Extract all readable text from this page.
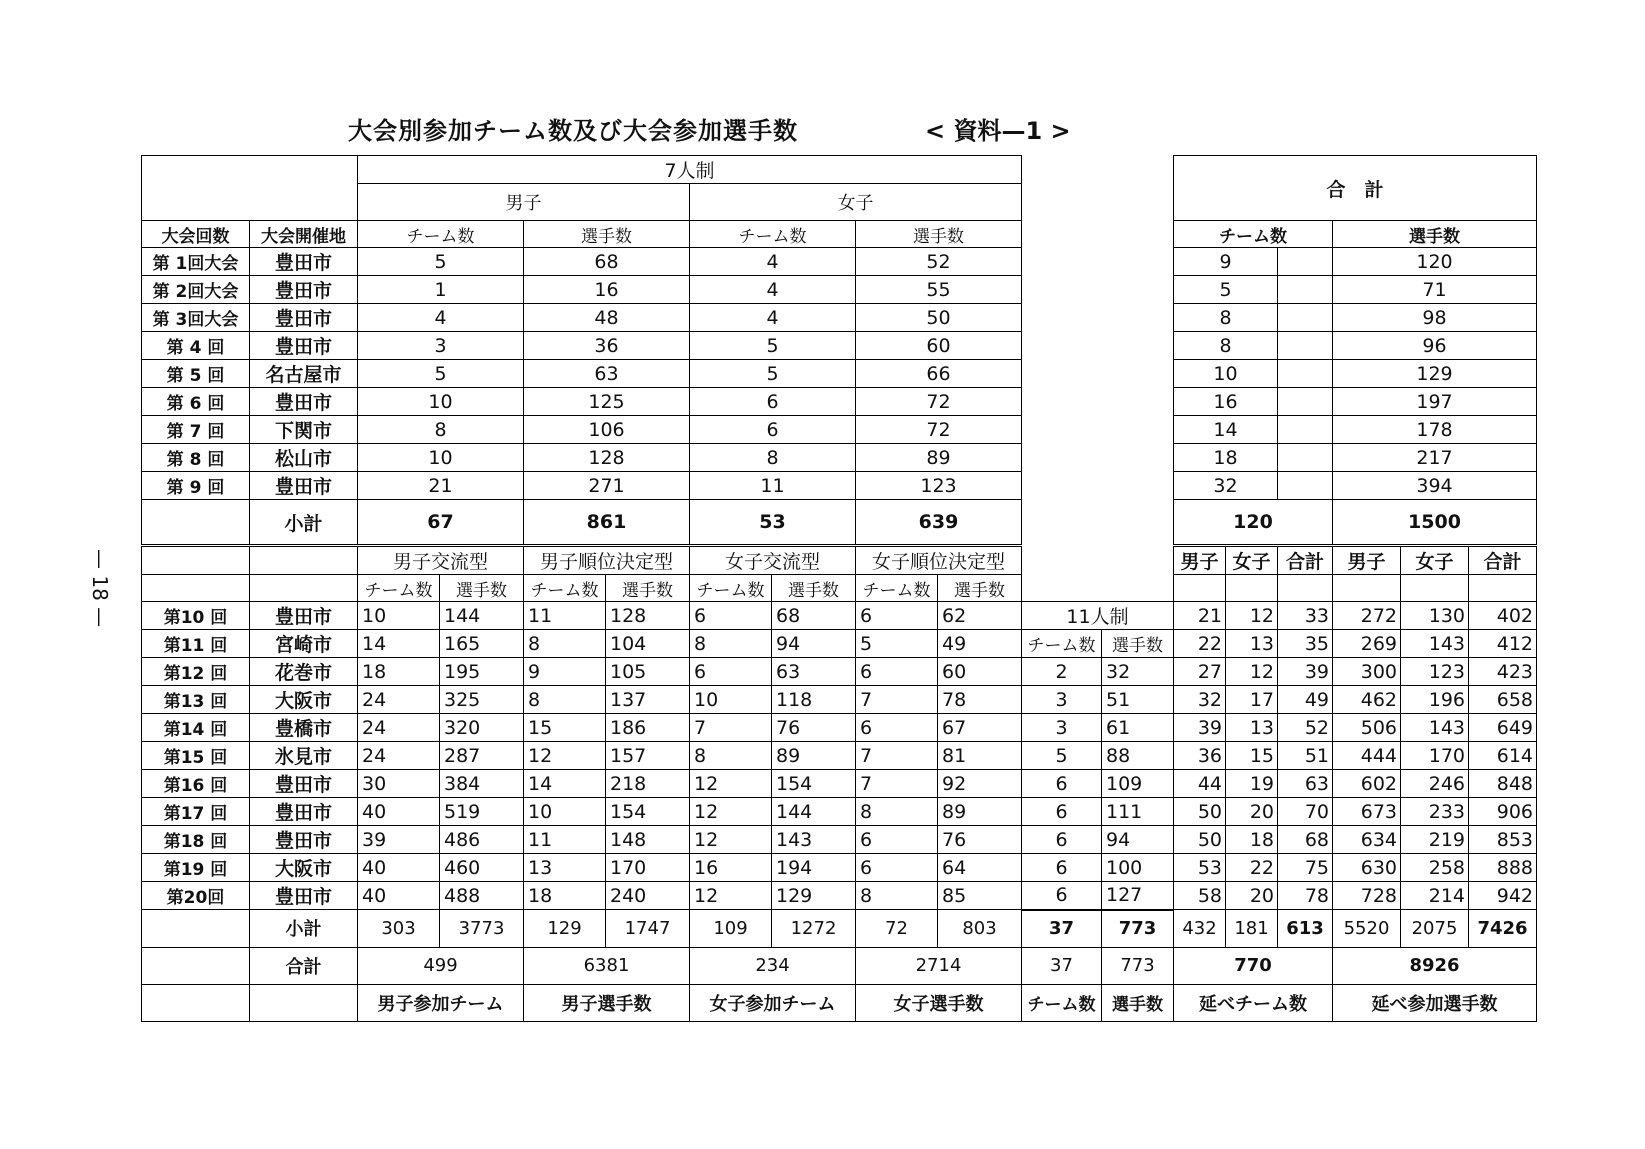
大会別参加チーム数及び大会参加選手数	< 資料—1 >
— 18 —
		7人制										合　計					
		男子				女子											
大会回数	大会開催地	チーム数		選手数		チーム数		選手数				チーム数			選手数		
第 1回大会	豊田市	5		68		4		52				9			120		
第 2回大会	豊田市	1		16		4		55				5			71		
第 3回大会	豊田市	4		48		4		50				8			98		
第 4 回	豊田市	3		36		5		60				8			96		
第 5 回	名古屋市	5		63		5		66				10			129		
第 6 回	豊田市	10		125		6		72				16			197		
第 7 回	下関市	8		106		6		72				14			178		
第 8 回	松山市	10		128		8		89				18			217		
第 9 回	豊田市	21		271		11		123				32			394		
	小計	67		861		53		639				120			1500		
		男子交流型		男子順位決定型		女子交流型		女子順位決定型				男子	女子	合計	男子	女子	合計
		チーム数	選手数	チーム数	選手数	チーム数	選手数	チーム数	選手数								
第10 回	豊田市	10	144	11	128	6	68	6	62	11人制		21	12	33	272	130	402
第11 回	宮崎市	14	165	8	104	8	94	5	49	チーム数	選手数	22	13	35	269	143	412
第12 回	花巻市	18	195	9	105	6	63	6	60	2	32	27	12	39	300	123	423
第13 回	大阪市	24	325	8	137	10	118	7	78	3	51	32	17	49	462	196	658
第14 回	豊橋市	24	320	15	186	7	76	6	67	3	61	39	13	52	506	143	649
第15 回	氷見市	24	287	12	157	8	89	7	81	5	88	36	15	51	444	170	614
第16 回	豊田市	30	384	14	218	12	154	7	92	6	109	44	19	63	602	246	848
第17 回	豊田市	40	519	10	154	12	144	8	89	6	111	50	20	70	673	233	906
第18 回	豊田市	39	486	11	148	12	143	6	76	6	94	50	18	68	634	219	853
第19 回	大阪市	40	460	13	170	16	194	6	64	6	100	53	22	75	630	258	888
第20回	豊田市	40	488	18	240	12	129	8	85	6	127	58	20	78	728	214	942
	小計	303	3773	129	1747	109	1272	72	803	37	773	432	181	613	5520	2075	7426
	合計	499		6381		234		2714		37	773	770			8926		
		男子参加チーム		男子選手数		女子参加チーム		女子選手数		チーム数	選手数	延べチーム数			延べ参加選手数		
